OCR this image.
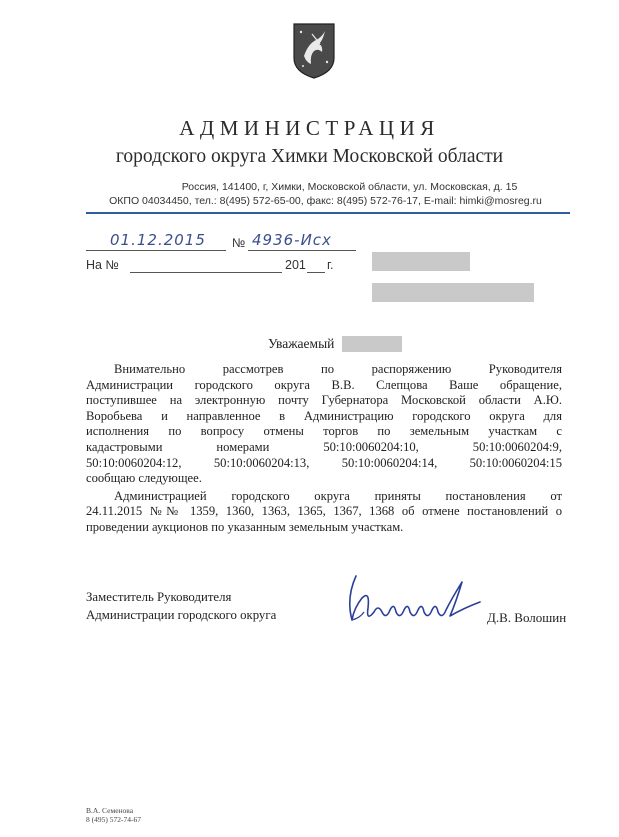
АДМИНИСТРАЦИЯ
городского округа Химки Московской области
Россия, 141400, г, Химки, Московской области, ул. Московская, д. 15
ОКПО 04034450, тел.: 8(495) 572-65-00, факс: 8(495) 572-76-17, E-mail: himki@mosreg.ru
01.12.2015 № 4936-Исх
На №	201 г.
Уважаемый

Внимательно рассмотрев по распоряжению Руководителя
Администрации городского округа В.В. Слепцова Ваше обращение,
поступившее на электронную почту Губернатора Московской области А.Ю.
Воробьева и направленное в Администрацию городского округа для
исполнения по вопросу отмены торгов по земельным участкам с
кадастровыми номерами 50:10:0060204:10, 50:10:0060204:9,
50:10:0060204:12, 50:10:0060204:13, 50:10:0060204:14, 50:10:0060204:15
сообщаю следующее.

Администрацией городского округа приняты постановления от
24.11.2015 №№ 1359, 1360, 1363, 1365, 1367, 1368 об отмене постановлений о
проведении аукционов по указанным земельным участкам.

Заместитель Руководителя
Администрации городского округа	Д.В. Волошин
В.А. Семенова
8 (495) 572-74-67
